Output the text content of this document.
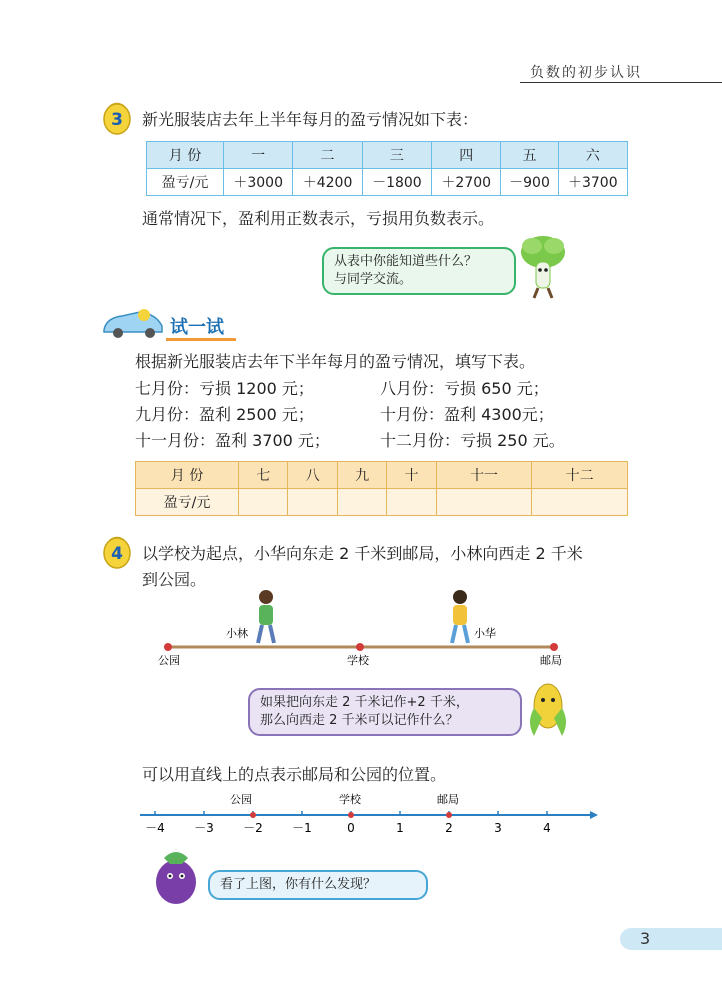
负数的初步认识
3 新光服装店去年上半年每月的盈亏情况如下表：
月 份	一	二	三	四	五	六
盈亏/元	＋3000	＋4200	－1800	＋2700	－900	＋3700
通常情况下，盈利用正数表示，亏损用负数表示。
从表中你能知道些什么？
与同学交流。
试一试
根据新光服装店去年下半年每月的盈亏情况，填写下表。
七月份：亏损 1200 元；	八月份：亏损 650 元；
九月份：盈利 2500 元；	十月份：盈利 4300元；
十一月份：盈利 3700 元；	十二月份：亏损 250 元。
月 份	七	八	九	十	十一	十二
盈亏/元						
4 以学校为起点，小华向东走 2 千米到邮局，小林向西走 2 千米
到公园。
小林	小华
公园	学校	邮局
如果把向东走 2 千米记作+2 千米，
那么向西走 2 千米可以记作什么？
可以用直线上的点表示邮局和公园的位置。
－4 －3 －2 －1	0	1	2	3	4
公园	学校	邮局
看了上图，你有什么发现？
3
